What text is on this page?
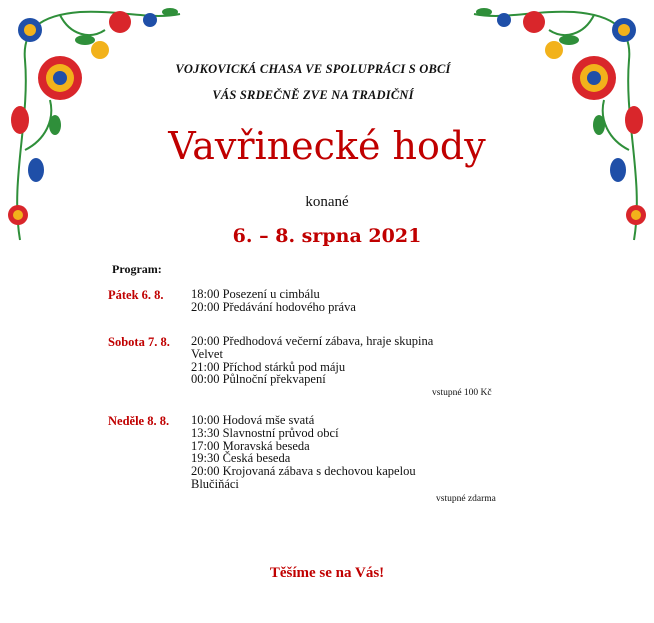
VOJKOVICKÁ CHASA VE SPOLUPRÁCI S OBCÍ
VÁS SRDEČNĚ ZVE NA TRADIČNÍ
Vavřinecké hody
konané
6. – 8. srpna 2021
Program:
Pátek 6. 8. 18:00 Posezení u cimbálu
20:00 Předávání hodového práva
Sobota 7. 8. 20:00 Předhodová večerní zábava, hraje skupina
Velvet
21:00 Příchod stárků pod máju
00:00 Půlnoční překvapení
vstupné 100 Kč
Neděle 8. 8. 10:00 Hodová mše svatá
13:30 Slavnostní průvod obcí
17:00 Moravská beseda
19:30 Česká beseda
20:00 Krojovaná zábava s dechovou kapelou
Blučiňáci
vstupné zdarma
Těšíme se na Vás!
